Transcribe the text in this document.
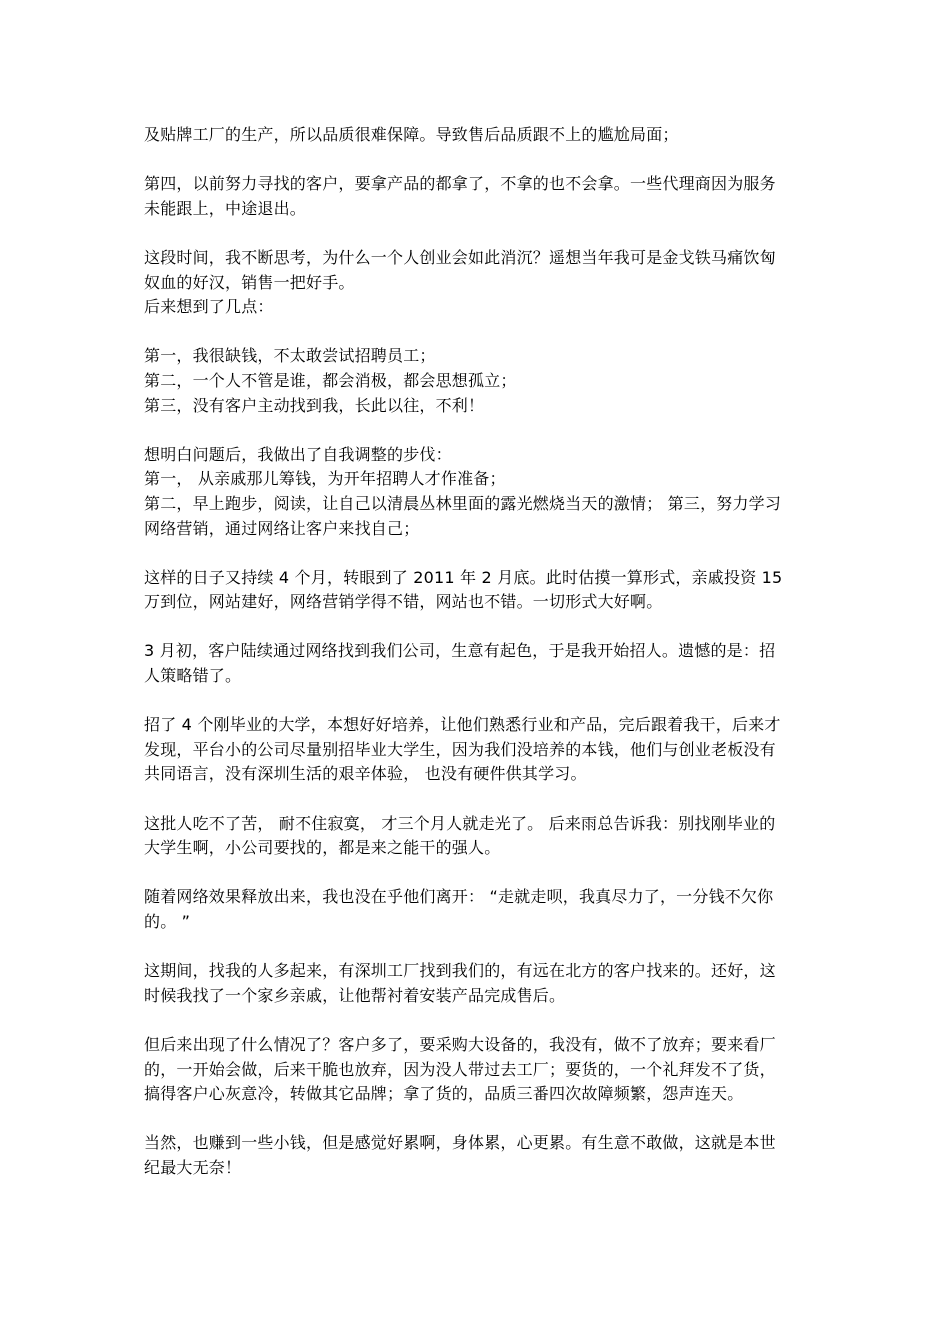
及贴牌工厂的生产，所以品质很难保障。导致售后品质跟不上的尴尬局面；

第四，以前努力寻找的客户，要拿产品的都拿了，不拿的也不会拿。一些代理商因为服务
未能跟上，中途退出。

这段时间，我不断思考，为什么一个人创业会如此消沉？遥想当年我可是金戈铁马痛饮匈
奴血的好汉，销售一把好手。
后来想到了几点：

第一，我很缺钱，不太敢尝试招聘员工；
第二，一个人不管是谁，都会消极，都会思想孤立；
第三，没有客户主动找到我，长此以往，不利！

想明白问题后，我做出了自我调整的步伐：
第一， 从亲戚那儿筹钱，为开年招聘人才作准备；
第二，早上跑步，阅读，让自己以清晨丛林里面的露光燃烧当天的激情； 第三，努力学习
网络营销，通过网络让客户来找自己；

这样的日子又持续 4 个月，转眼到了 2011 年 2 月底。此时估摸一算形式，亲戚投资 15
万到位，网站建好，网络营销学得不错，网站也不错。一切形式大好啊。

3 月初，客户陆续通过网络找到我们公司，生意有起色，于是我开始招人。遗憾的是：招
人策略错了。

招了 4 个刚毕业的大学，本想好好培养，让他们熟悉行业和产品，完后跟着我干，后来才
发现，平台小的公司尽量别招毕业大学生，因为我们没培养的本钱，他们与创业老板没有
共同语言，没有深圳生活的艰辛体验， 也没有硬件供其学习。

这批人吃不了苦， 耐不住寂寞， 才三个月人就走光了。 后来雨总告诉我：别找刚毕业的
大学生啊，小公司要找的，都是来之能干的强人。

随着网络效果释放出来，我也没在乎他们离开： “走就走呗，我真尽力了，一分钱不欠你
的。 ”

这期间，找我的人多起来，有深圳工厂找到我们的，有远在北方的客户找来的。还好，这
时候我找了一个家乡亲戚，让他帮衬着安装产品完成售后。

但后来出现了什么情况了？客户多了，要采购大设备的，我没有，做不了放弃；要来看厂
的，一开始会做，后来干脆也放弃，因为没人带过去工厂；要货的，一个礼拜发不了货，
搞得客户心灰意冷，转做其它品牌；拿了货的，品质三番四次故障频繁，怨声连天。

当然，也赚到一些小钱，但是感觉好累啊，身体累，心更累。有生意不敢做，这就是本世
纪最大无奈！
